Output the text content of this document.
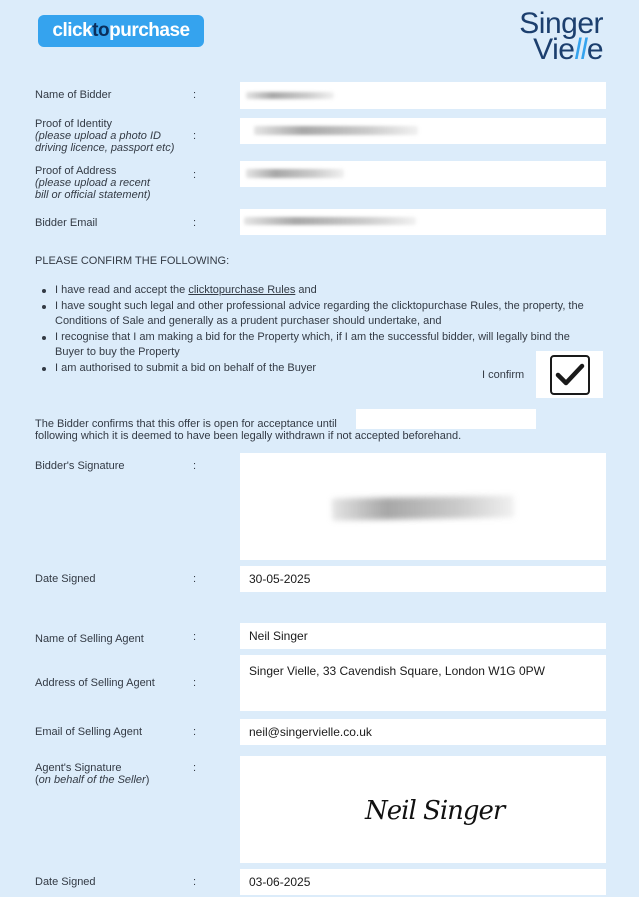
click to purchase	Singer
Vielle
Name of Bidder	:
Proof of Identity
(please upload a photo ID
driving licence, passport etc)
:
Proof of Address
(please upload a recent
bill or official statement)
:
Bidder Email	:
PLEASE CONFIRM THE FOLLOWING:
I have read and accept the clicktopurchase Rules and
I have sought such legal and other professional advice regarding the clicktopurchase Rules, the property, the Conditions of Sale and generally as a prudent purchaser should undertake, and
I recognise that I am making a bid for the Property which, if I am the successful bidder, will legally bind the Buyer to buy the Property
I am authorised to submit a bid on behalf of the Buyer
I confirm
The Bidder confirms that this offer is open for acceptance until
following which it is deemed to have been legally withdrawn if not accepted beforehand.
Bidder's Signature	:
Date Signed	:	30-05-2025
Name of Selling Agent	:	Neil Singer
Address of Selling Agent	:
Singer Vielle, 33 Cavendish Square, London W1G 0PW
Email of Selling Agent	:	neil@singervielle.co.uk
Agent's Signature
(on behalf of the Seller)
:
Neil Singer
Date Signed	:	03-06-2025
